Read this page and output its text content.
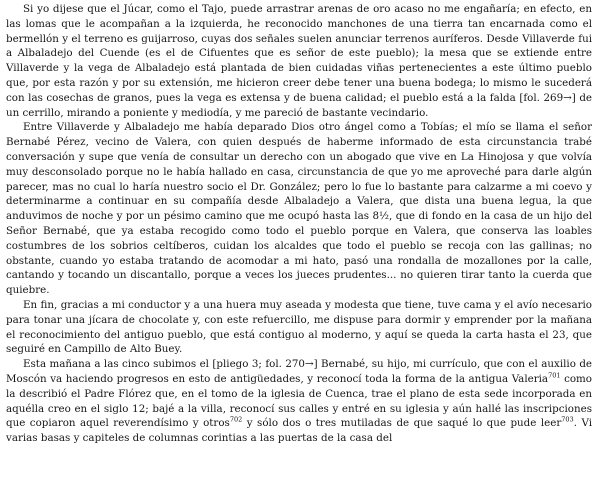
Si yo dijese que el Júcar, como el Tajo, puede arrastrar arenas de oro acaso no me engañaría; en efecto, en las lomas que le acompañan a la izquierda, he reconocido manchones de una tierra tan encarnada como el bermellón y el terreno es guijarroso, cuyas dos señales suelen anunciar terrenos auríferos. Desde Villaverde fui a Albaladejo del Cuende (es el de Cifuentes que es señor de este pueblo); la mesa que se extiende entre Villaverde y la vega de Albaladejo está plantada de bien cuidadas viñas pertenecientes a este último pueblo que, por esta razón y por su extensión, me hicieron creer debe tener una buena bodega; lo mismo le sucederá con las cosechas de granos, pues la vega es extensa y de buena calidad; el pueblo está a la falda [fol. 269→] de un cerrillo, mirando a poniente y mediodía, y me pareció de bastante vecindario.

Entre Villaverde y Albaladejo me había deparado Dios otro ángel como a Tobías; el mío se llama el señor Bernabé Pérez, vecino de Valera, con quien después de haberme informado de esta circunstancia trabé conversación y supe que venía de consultar un derecho con un abogado que vive en La Hinojosa y que volvía muy desconsolado porque no le había hallado en casa, circunstancia de que yo me aproveché para darle algún parecer, mas no cual lo haría nuestro socio el Dr. González; pero lo fue lo bastante para calzarme a mi coevo y determinarme a continuar en su compañía desde Albaladejo a Valera, que dista una buena legua, la que anduvimos de noche y por un pésimo camino que me ocupó hasta las 8½, que di fondo en la casa de un hijo del Señor Bernabé, que ya estaba recogido como todo el pueblo porque en Valera, que conserva las loables costumbres de los sobrios celtíberos, cuidan los alcaldes que todo el pueblo se recoja con las gallinas; no obstante, cuando yo estaba tratando de acomodar a mi hato, pasó una rondalla de mozallones por la calle, cantando y tocando un discantallo, porque a veces los jueces prudentes... no quieren tirar tanto la cuerda que quiebre.

En fin, gracias a mi conductor y a una huera muy aseada y modesta que tiene, tuve cama y el avío necesario para tonar una jícara de chocolate y, con este refuercillo, me dispuse para dormir y emprender por la mañana el reconocimiento del antiguo pueblo, que está contiguo al moderno, y aquí se queda la carta hasta el 23, que seguiré en Campillo de Alto Buey.

Esta mañana a las cinco subimos el [pliego 3; fol. 270→] Bernabé, su hijo, mi currículo, que con el auxilio de Moscón va haciendo progresos en esto de antigüedades, y reconocí toda la forma de la antigua Valeria$^{701}$ como la describió el Padre Flórez que, en el tomo de la iglesia de Cuenca, trae el plano de esta sede incorporada en aquélla creo en el siglo 12; bajé a la villa, reconocí sus calles y entré en su iglesia y aún hallé las inscripciones que copiaron aquel reverendísimo y otros$^{702}$ y sólo dos o tres mutiladas de que saqué lo que pude leer$^{703}$. Vi varias basas y capiteles de columnas corintias a las puertas de la casa del
